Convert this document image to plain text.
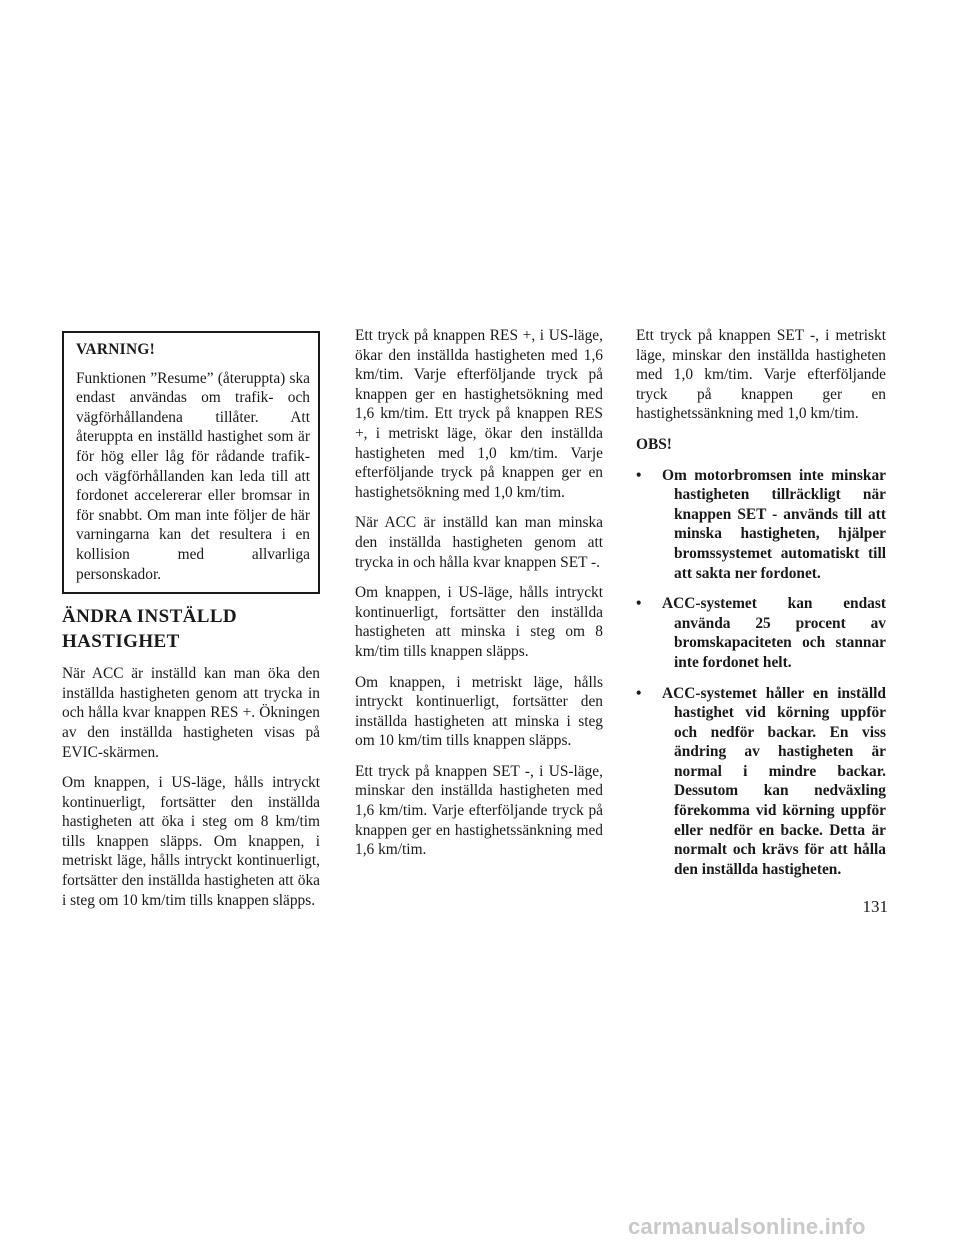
VARNING!

Funktionen ”Resume” (återuppta) ska endast användas om trafik- och vägförhållandena tillåter. Att återuppta en inställd hastighet som är för hög eller låg för rådande trafik- och vägförhållanden kan leda till att fordonet accelererar eller bromsar in för snabbt. Om man inte följer de här varningarna kan det resultera i en kollision med allvarliga personskador.

ÄNDRA INSTÄLLD HASTIGHET

När ACC är inställd kan man öka den inställda hastigheten genom att trycka in och hålla kvar knappen RES +. Ökningen av den inställda hastigheten visas på EVIC-skärmen.

Om knappen, i US-läge, hålls intryckt kontinuerligt, fortsätter den inställda hastigheten att öka i steg om 8 km/tim tills knappen släpps. Om knappen, i metriskt läge, hålls intryckt kontinuerligt, fortsätter den inställda hastigheten att öka i steg om 10 km/tim tills knappen släpps.

Ett tryck på knappen RES +, i US-läge, ökar den inställda hastigheten med 1,6 km/tim. Varje efterföljande tryck på knappen ger en hastighetsökning med 1,6 km/tim. Ett tryck på knappen RES +, i metriskt läge, ökar den inställda hastigheten med 1,0 km/tim. Varje efterföljande tryck på knappen ger en hastighetsökning med 1,0 km/tim.

När ACC är inställd kan man minska den inställda hastigheten genom att trycka in och hålla kvar knappen SET -.

Om knappen, i US-läge, hålls intryckt kontinuerligt, fortsätter den inställda hastigheten att minska i steg om 8 km/tim tills knappen släpps.

Om knappen, i metriskt läge, hålls intryckt kontinuerligt, fortsätter den inställda hastigheten att minska i steg om 10 km/tim tills knappen släpps.

Ett tryck på knappen SET -, i US-läge, minskar den inställda hastigheten med 1,6 km/tim. Varje efterföljande tryck på knappen ger en hastighetssänkning med 1,6 km/tim.

Ett tryck på knappen SET -, i metriskt läge, minskar den inställda hastigheten med 1,0 km/tim. Varje efterföljande tryck på knappen ger en hastighetssänkning med 1,0 km/tim.

OBS!

• Om motorbromsen inte minskar hastigheten tillräckligt när knappen SET - används till att minska hastigheten, hjälper bromssystemet automatiskt till att sakta ner fordonet.
• ACC-systemet kan endast använda 25 procent av bromskapaciteten och stannar inte fordonet helt.
• ACC-systemet håller en inställd hastighet vid körning uppför och nedför backar. En viss ändring av hastigheten är normal i mindre backar. Dessutom kan nedväxling förekomma vid körning uppför eller nedför en backe. Detta är normalt och krävs för att hålla den inställda hastigheten.
131
carmanualsonline.info
